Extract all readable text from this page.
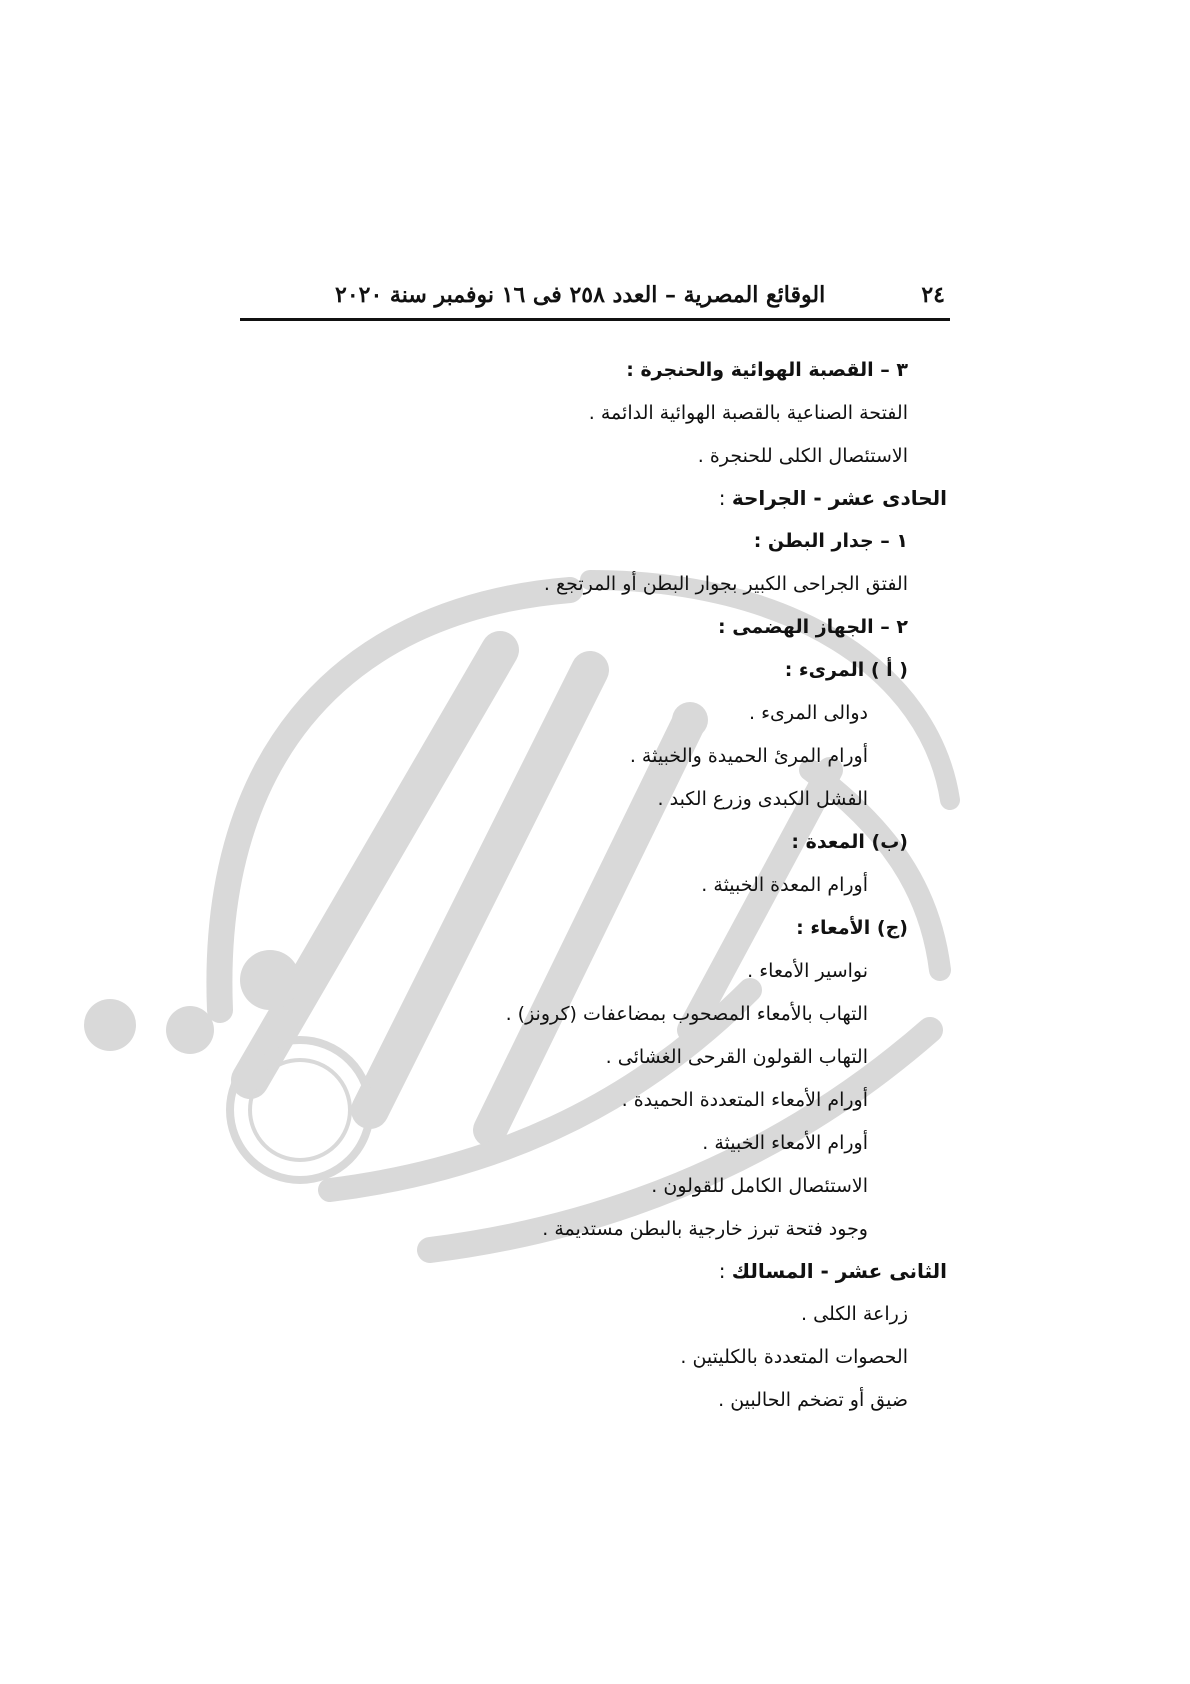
٢٤
الوقائع المصرية – العدد ٢٥٨ فى ١٦ نوفمبر سنة ٢٠٢٠
٣ – القصبة الهوائية والحنجرة :
الفتحة الصناعية بالقصبة الهوائية الدائمة .
الاستئصال الكلى للحنجرة .
الحادى عشر - الجراحة :
١ – جدار البطن :
الفتق الجراحى الكبير بجوار البطن أو المرتجع .
٢ – الجهاز الهضمى :
( أ ) المرىء :
دوالى المرىء .
أورام المرئ الحميدة والخبيثة .
الفشل الكبدى وزرع الكبد .
(ب) المعدة :
أورام المعدة الخبيثة .
(ج) الأمعاء :
نواسير الأمعاء .
التهاب بالأمعاء المصحوب بمضاعفات (كرونز) .
التهاب القولون القرحى الغشائى .
أورام الأمعاء المتعددة الحميدة .
أورام الأمعاء الخبيثة .
الاستئصال الكامل للقولون .
وجود فتحة تبرز خارجية بالبطن مستديمة .
الثانى عشر - المسالك :
زراعة الكلى .
الحصوات المتعددة بالكليتين .
ضيق أو تضخم الحالبين .
